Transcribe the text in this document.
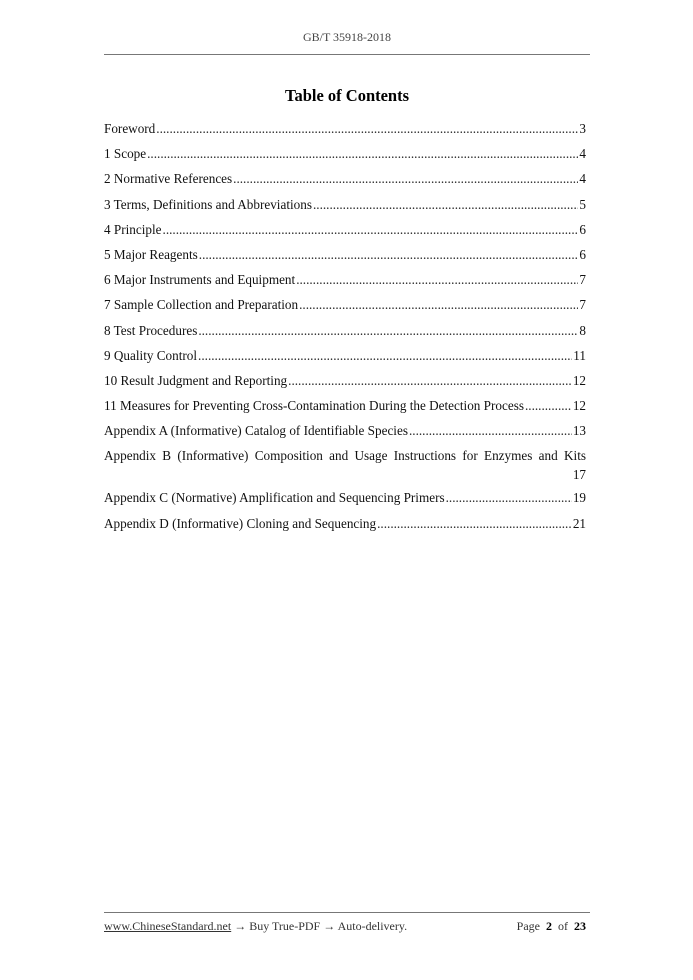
GB/T 35918-2018
Table of Contents
Foreword .....	3
1 Scope .....	4
2 Normative References .....	4
3 Terms, Definitions and Abbreviations .....	5
4 Principle .....	6
5 Major Reagents .....	6
6 Major Instruments and Equipment .....	7
7 Sample Collection and Preparation .....	7
8 Test Procedures .....	8
9 Quality Control .....	11
10 Result Judgment and Reporting .....	12
11 Measures for Preventing Cross-Contamination During the Detection Process .....	12
Appendix A (Informative) Catalog of Identifiable Species .....	13
Appendix B (Informative) Composition and Usage Instructions for Enzymes and Kits
17
Appendix C (Normative) Amplification and Sequencing Primers .....	19
Appendix D (Informative) Cloning and Sequencing .....	21
www.ChineseStandard.net → Buy True-PDF → Auto-delivery.	Page 2 of 23
